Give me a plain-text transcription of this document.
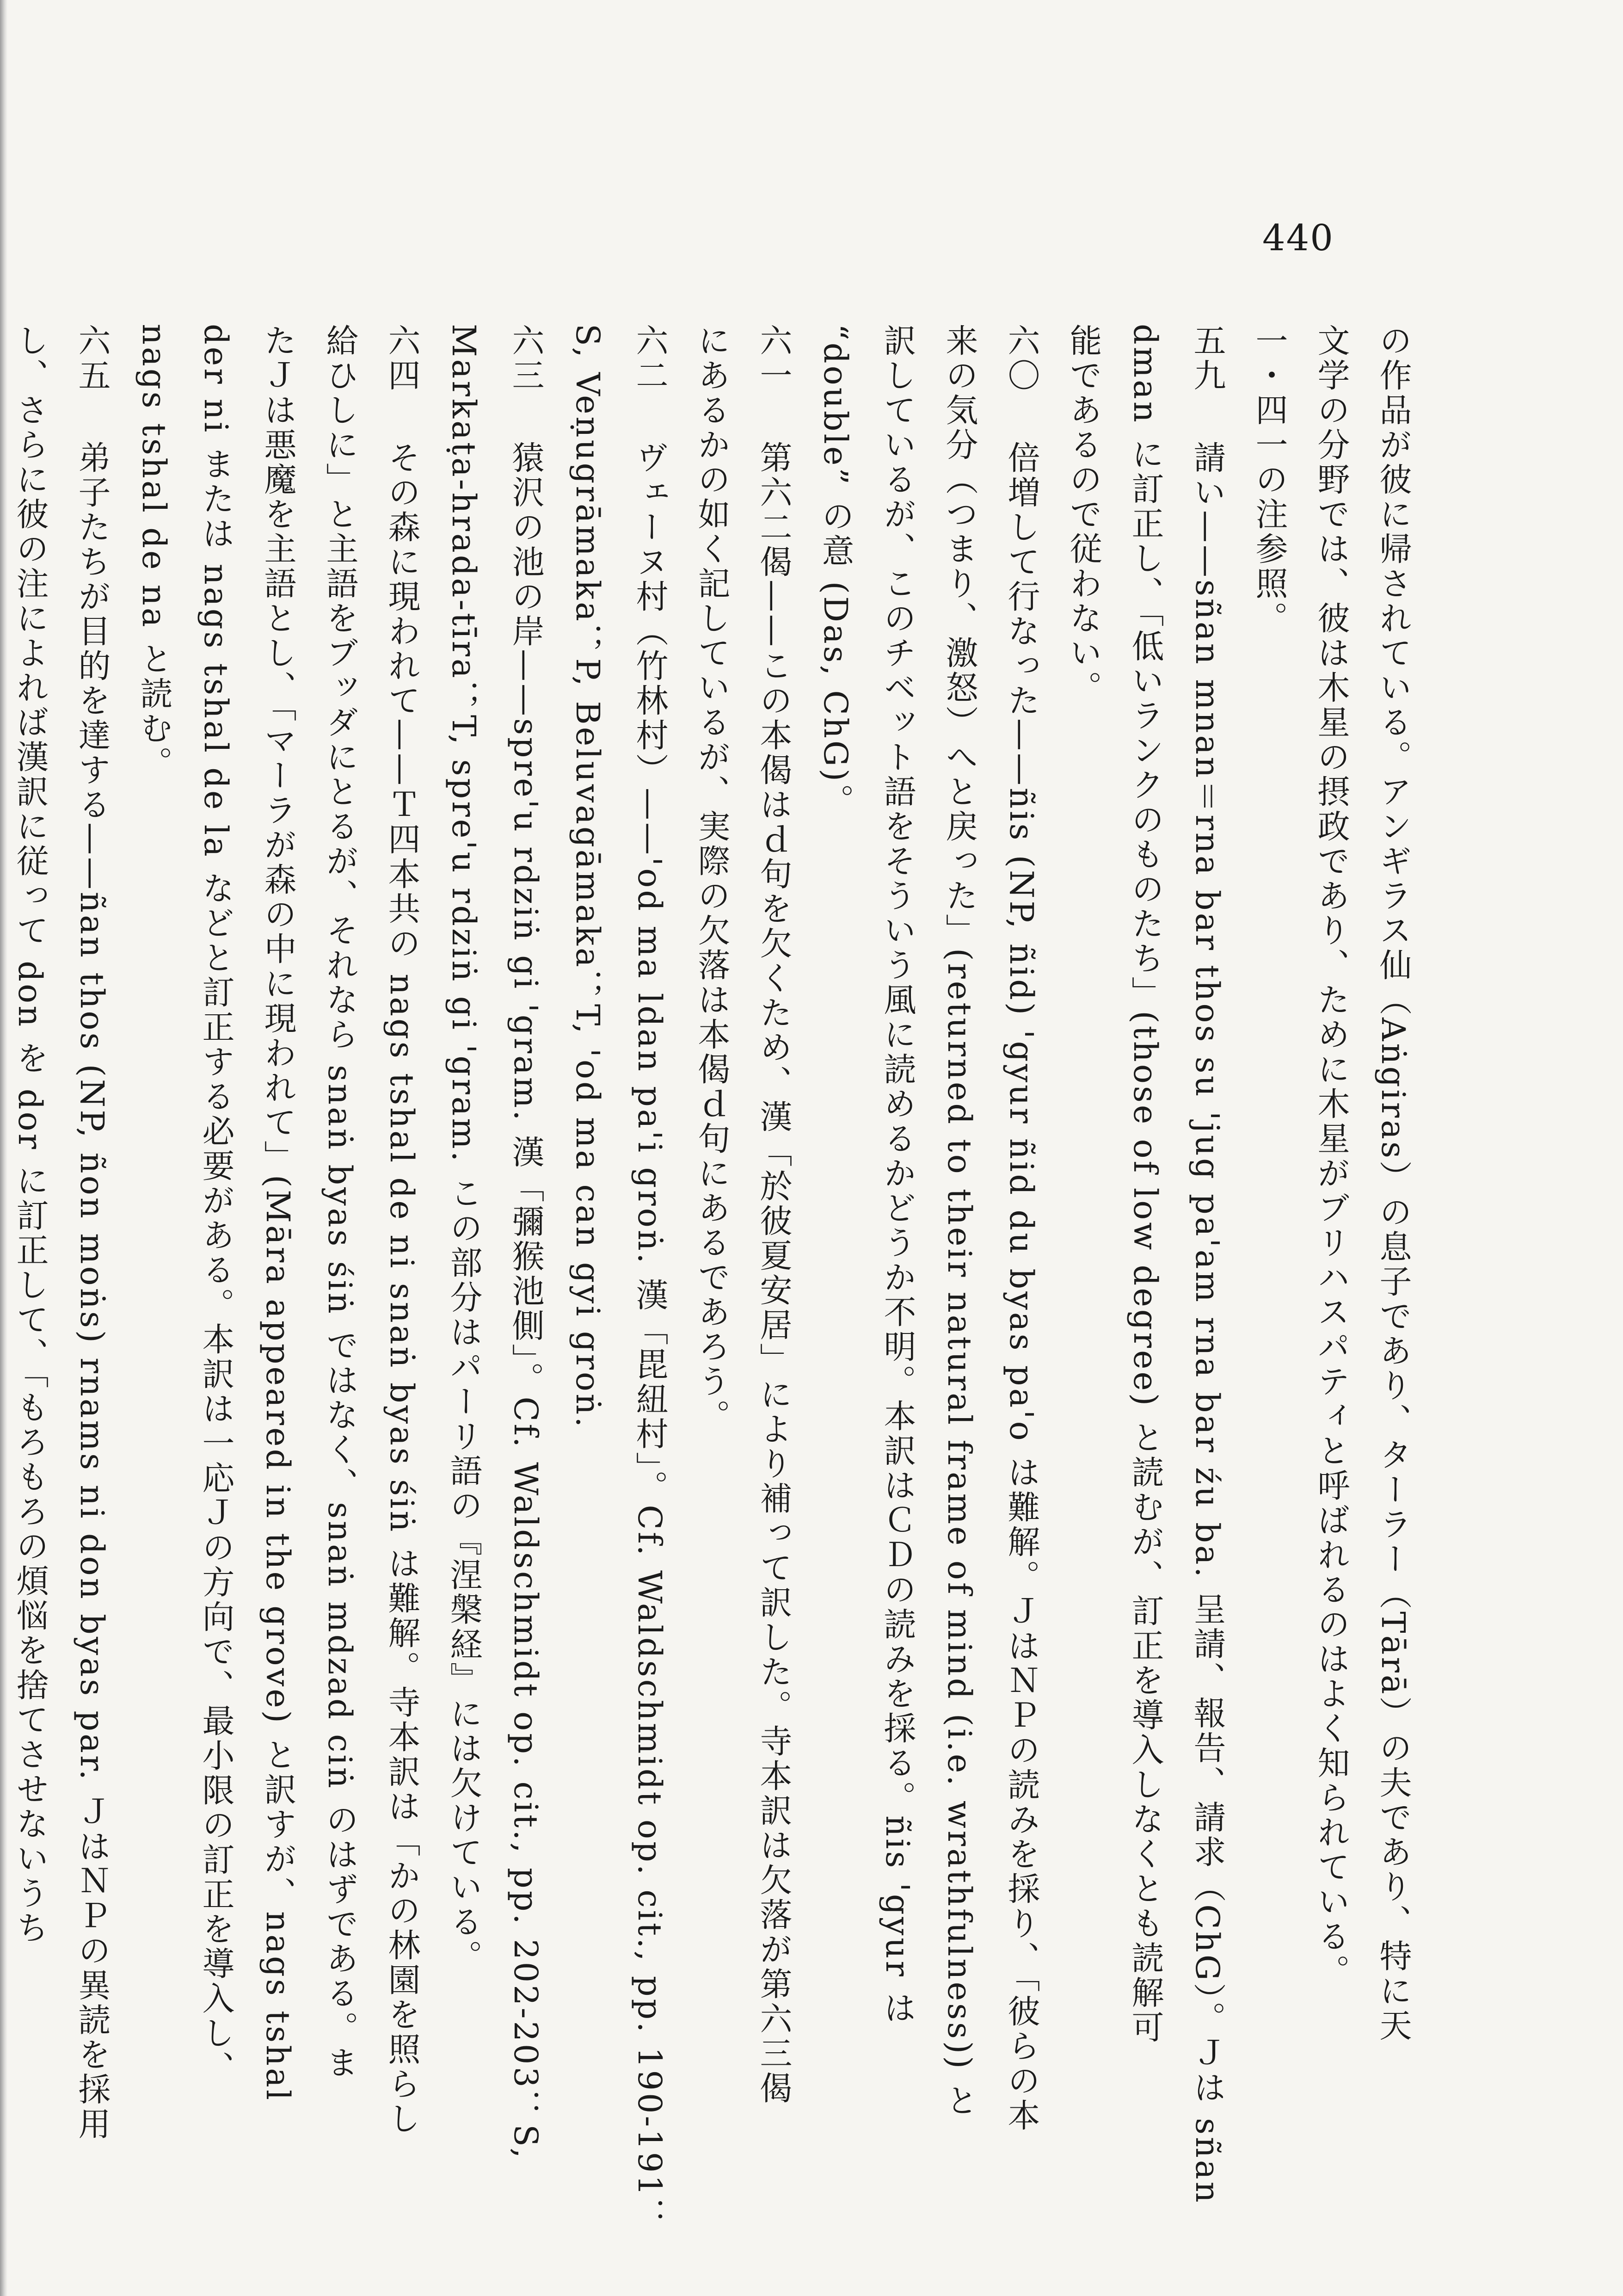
440
の作品が彼に帰されている。アンギラス仙（Aṅgiras）の息子であり、ターラー（Tārā）の夫であり、特に天
文学の分野では、彼は木星の摂政であり、ために木星がブリハスパティと呼ばれるのはよく知られている。
一・四一の注参照。
五九　請い——sñan mnan＝rna bar thos su 'jug pa'am rna bar źu ba. 呈請、報告、請求（ChG）。Ｊは sñan
dman に訂正し、「低いランクのものたち」(those of low degree) と読むが、訂正を導入しなくとも読解可
能であるので従わない。
六〇　倍増して行なった——ñis (NP, ñid) 'gyur ñid du byas pa'o は難解。ＪはＮＰの読みを採り、「彼らの本
来の気分（つまり、激怒）へと戻った」(returned to their natural frame of mind (i.e. wrathfulness)) と
訳しているが、このチベット語をそういう風に読めるかどうか不明。本訳はＣＤの読みを採る。ñis 'gyur は
“double” の意 (Das, ChG)。
六一　第六二偈——この本偈はｄ句を欠くため、漢「於彼夏安居」により補って訳した。寺本訳は欠落が第六三偈
にあるかの如く記しているが、実際の欠落は本偈ｄ句にあるであろう。
六二　ヴェーヌ村（竹林村）——'od ma ldan pa'i groṅ. 漢「毘紐村」。Cf. Waldschmidt op. cit., pp. 190-191：
S, Veṇugrāmaka；P, Beluvagāmaka；T, 'od ma can gyi groṅ.
六三　猿沢の池の岸——spre'u rdziṅ gi 'gram. 漢「彌猴池側」。Cf. Waldschmidt op. cit., pp. 202-203：S,
Markaṭa-hrada-tīra；T, spre'u rdziṅ gi 'gram. この部分はパーリ語の『涅槃経』には欠けている。
六四　その森に現われて——Ｔ四本共の nags tshal de ni snaṅ byas śiṅ は難解。寺本訳は「かの林園を照らし
給ひしに」と主語をブッダにとるが、それなら snaṅ byas śiṅ ではなく、snaṅ mdzad ciṅ のはずである。ま
たＪは悪魔を主語とし、「マーラが森の中に現われて」(Māra appeared in the grove) と訳すが、nags tshal
der ni または nags tshal de la などと訂正する必要がある。本訳は一応Ｊの方向で、最小限の訂正を導入し、
nags tshal de na と読む。
六五　弟子たちが目的を達する——ñan thos (NP, ñon moṅs) rnams ni don byas par. ＪはＮＰの異読を採用
し、さらに彼の注によれば漢訳に従って don を dor に訂正して、「もろもろの煩悩を捨てさせないうち
